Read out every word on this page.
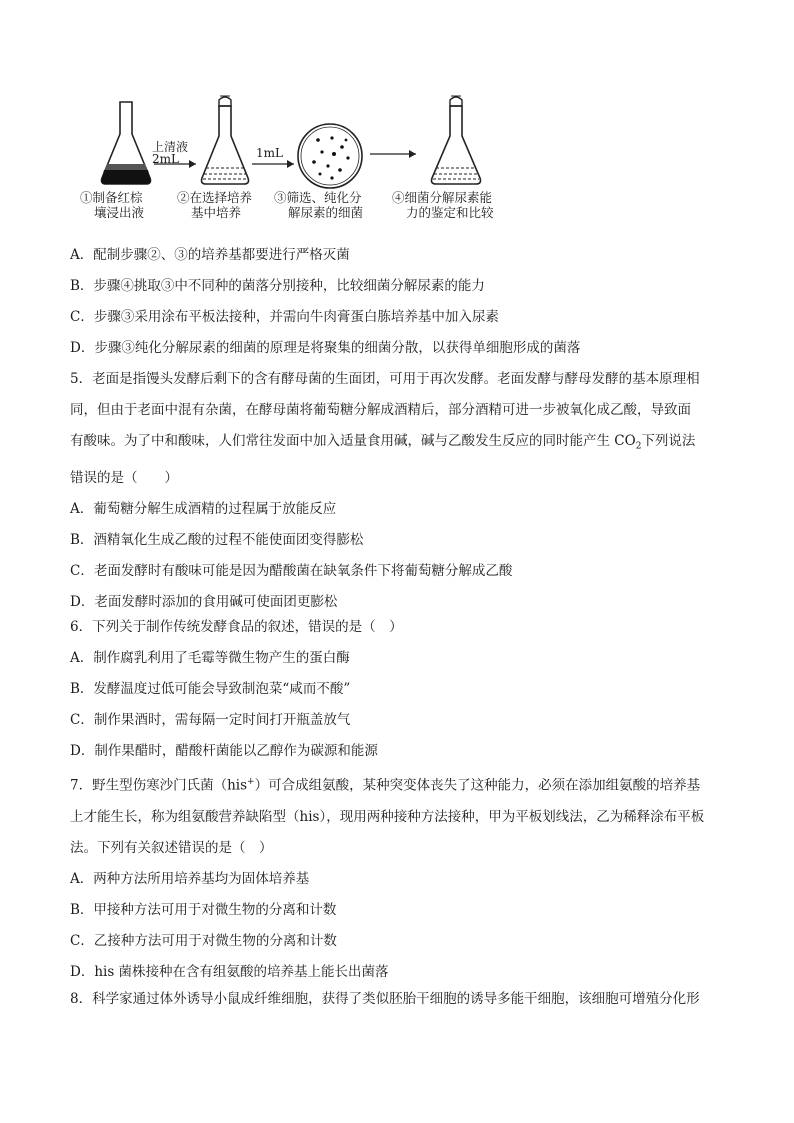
上清液
2mL	1mL
①制备红棕
壤浸出液
②在选择培养
基中培养
③筛选、纯化分
解尿素的细菌
④细菌分解尿素能
力的鉴定和比较

A．配制步骤②、③的培养基都要进行严格灭菌

B．步骤④挑取③中不同种的菌落分别接种，比较细菌分解尿素的能力

C．步骤③采用涂布平板法接种，并需向牛肉膏蛋白胨培养基中加入尿素

D．步骤③纯化分解尿素的细菌的原理是将聚集的细菌分散，以获得单细胞形成的菌落

5．老面是指馒头发酵后剩下的含有酵母菌的生面团，可用于再次发酵。老面发酵与酵母发酵的基本原理相

同，但由于老面中混有杂菌，在酵母菌将葡萄糖分解成酒精后，部分酒精可进一步被氧化成乙酸，导致面

有酸味。为了中和酸味，人们常往发面中加入适量食用碱，碱与乙酸发生反应的同时能产生 $CO_2$下列说法

错误的是（　　）

A．葡萄糖分解生成酒精的过程属于放能反应

B．酒精氧化生成乙酸的过程不能使面团变得膨松

C．老面发酵时有酸味可能是因为醋酸菌在缺氧条件下将葡萄糖分解成乙酸

D．老面发酵时添加的食用碱可使面团更膨松

6．下列关于制作传统发酵食品的叙述，错误的是（　）

A．制作腐乳利用了毛霉等微生物产生的蛋白酶

B．发酵温度过低可能会导致制泡菜“咸而不酸”

C．制作果酒时，需每隔一定时间打开瓶盖放气

D．制作果醋时，醋酸杆菌能以乙醇作为碳源和能源

7．野生型伤寒沙门氏菌（his+）可合成组氨酸，某种突变体丧失了这种能力，必须在添加组氨酸的培养基

上才能生长，称为组氨酸营养缺陷型（his），现用两种接种方法接种，甲为平板划线法，乙为稀释涂布平板

法。下列有关叙述错误的是（　）

A．两种方法所用培养基均为固体培养基

B．甲接种方法可用于对微生物的分离和计数

C．乙接种方法可用于对微生物的分离和计数

D．his 菌株接种在含有组氨酸的培养基上能长出菌落

8．科学家通过体外诱导小鼠成纤维细胞，获得了类似胚胎干细胞的诱导多能干细胞，该细胞可增殖分化形
